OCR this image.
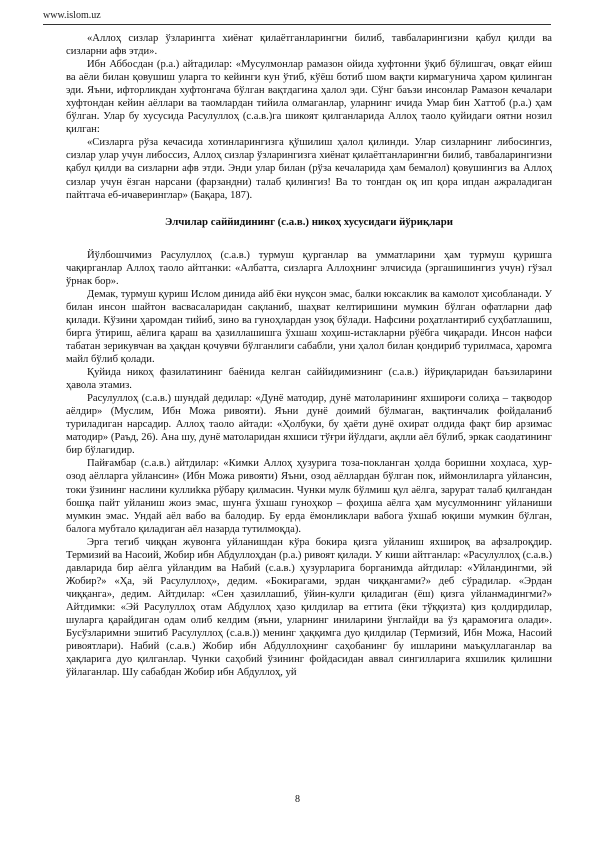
www.islom.uz

«Аллоҳ сизлар ўзларингга хиёнат қилаётганларингни билиб, тавбаларингизни қабул қилди ва сизларни афв этди».

Ибн Аббосдан (р.а.) айтадилар: «Мусулмонлар рамазон ойида хуфтонни ўқиб бўлишгач, овқат ейиш ва аёли билан қовушиш уларга то кейинги кун ўтиб, кўёш ботиб шом вақти кирмагунича ҳаром қилинган эди. Яъни, ифторликдан хуфтонгача бўлган вақтдагина ҳалол эди. Сўнг баъзи инсонлар Рамазон кечалари хуфтондан кейин аёллари ва таомлардан тийила олмаганлар, уларнинг ичида Умар бин Хаттоб (р.а.) ҳам бўлган. Улар бу хусусида Расулуллоҳ (с.а.в.)га шикоят қилганларида Аллоҳ таоло қуйидаги оятни нозил қилган:

«Сизларга рўза кечасида хотинларингизга қўшилиш ҳалол қилинди. Улар сизларнинг либосингиз, сизлар улар учун либоссиз, Аллоҳ сизлар ўзларингизга хиёнат қилаётганларингни билиб, тавбаларингизни қабул қилди ва сизларни афв этди. Энди улар билан (рўза кечаларида ҳам бемалол) қовушингиз ва Аллоҳ сизлар учун ёзган нарсани (фарзандни) талаб қилингиз! Ва то тонгдан оқ ип қора ипдан ажраладиган пайтгача еб-ичаверинглар» (Бақара, 187).

Элчилар саййидининг (с.а.в.) никоҳ хусусидаги йўриқлари

Йўлбошчимиз Расулуллоҳ (с.а.в.) турмуш қурганлар ва умматларини ҳам турмуш қуришга чақирганлар Аллоҳ таоло айтганки: «Албатта, сизларга Аллоҳнинг элчисида (эргашишингиз учун) гўзал ўрнак бор».

Демак, турмуш қуриш Ислом динида айб ёки нуқсон эмас, балки юксаклик ва камолот ҳисобланади. У билан инсон шайтон васвасаларидан сақланиб, шаҳват келтиришини мумкин бўлган офатларни даф қилади. Кўзини ҳаромдан тийиб, зино ва гуноҳлардан узоқ бўлади. Нафсини роҳатлантириб суҳбатлашиш, бирга ўтириш, аёлига қараш ва ҳазиллашишга ўхшаш хоҳиш-истакларни рўёбга чиқаради. Инсон нафси табатан зерикувчан ва ҳақдан қочувчи бўлганлиги сабабли, уни ҳалол билан қондириб турилмаса, ҳаромга майл бўлиб қолади.

Қуйида никоҳ фазилатининг баёнида келган саййидимизнинг (с.а.в.) йўриқларидан баъзиларини ҳавола этамиз.

Расулуллоҳ (с.а.в.) шундай дедилар: «Дунё матодир, дунё матоларининг яхшироғи солиҳа – тақводор аёлдир» (Муслим, Ибн Можа ривояти). Яъни дунё доимий бўлмаган, вақтинчалик фойдаланиб туриладиган нарсадир. Аллоҳ таоло айтади: «Ҳолбуки, бу ҳаёти дунё охират олдида фақт бир арзимас матодир» (Раъд, 26). Ана шу, дунё матоларидан яхшиси тўғри йўлдаги, ақлли аёл бўлиб, эркак саодатининг бир бўлагидир.

Пайғамбар (с.а.в.) айтдилар: «Кимки Аллоҳ ҳузурига тоза-покланган ҳолда боришни хоҳласа, ҳур-озод аёлларга уйлансин» (Ибн Можа ривояти) Яъни, озод аёллардан бўлган пок, иймонлиларга уйлансин, токи ўзининг наслини куллиkка рўбару қилмасин. Чунки мулк бўлмиш қул аёлга, зарурат талаб қилгандан бошқа пайт уйланиш жоиз эмас, шунга ўхшаш гуноҳкор – фоҳиша аёлга ҳам мусулмоннинг уйланиши мумкин эмас. Ундай аёл вабо ва балодир. Бу ерда ёмонликлари вабога ўхшаб юқиши мумкин бўлган, балога мубтало қиладиган аёл назарда тутилмоқда).

Эрга тегиб чиққан жувонга уйланишдан кўра бокира қизга уйланиш яхшироқ ва афзалроқдир. Термизий ва Насоий, Жобир ибн Абдуллоҳдан (р.а.) ривоят қилади. У киши айтганлар: «Расулуллоҳ (с.а.в.) давларида бир аёлга уйландим ва Набий (с.а.в.) ҳузурларига борганимда айтдилар: «Уйландингми, эй Жобир?» «Ҳа, эй Расулуллоҳ», дедим. «Бокирагами, эрдан чиққангами?» деб сўрадилар. «Эрдан чиққанга», дедим. Айтдилар: «Сен ҳазиллашиб, ўйин-кулги қиладиган (ёш) қизга уйланмадингми?» Айтдимки: «Эй Расулуллоҳ отам Абдуллоҳ ҳазо қилдилар ва еттита (ёки тўққизта) қиз қолдирдилар, шуларга қарайдиган одам олиб келдим (яъни, уларнинг иниларини ўнглайди ва ўз қарамоғига олади». Бусўзларимни эшитиб Расулуллоҳ (с.а.в.)) менинг ҳаққимга дуо қилдилар (Термизий, Ибн Можа, Насоий ривоятлари). Набий (с.а.в.) Жобир ибн Абдуллоҳнинг саҳобанинг бу ишларини маъқуллаганлар ва ҳақларига дуо қилганлар. Чунки саҳобий ўзининг фойдасидан аввал сингилларига яхшилик қилишни ўйлаганлар. Шу сабабдан Жобир ибн Абдуллоҳ, уй

8
